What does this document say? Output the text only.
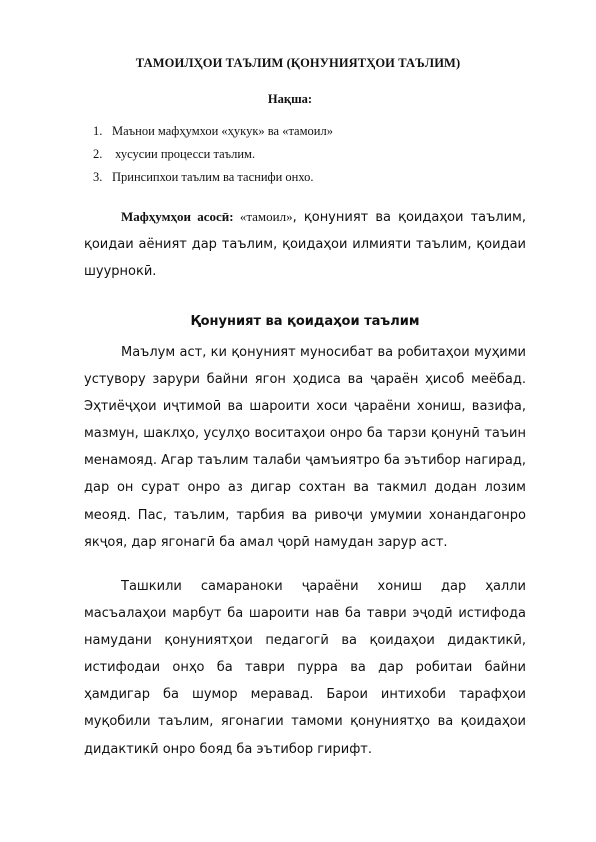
ТАМОИЛҲОИ ТАЪЛИМ (ҚОНУНИЯТҲОИ ТАЪЛИМ)
Нақша:
1. Маънои мафҳумхои «ҳукук» ва «тамоил»
2. хусусии процесси таълим.
3. Принсипхои таълим ва таснифи онхо.

Мафҳумҳои асосӣ: «тамоил», қонуният ва қоидаҳои таълим, қоидаи аёният дар таълим, қоидаҳои илмияти таълим, қоидаи шуурнокӣ.

Қонуният ва қоидаҳои таълим

Маълум аст, ки қонуният муносибат ва робитаҳои муҳими устувору зарури байни ягон ҳодиса ва ҷараён ҳисоб меёбад. Эҳтиёҷҳои иҷтимоӣ ва шароити хоси ҷараёни хониш, вазифа, мазмун, шаклҳо, усулҳо воситаҳои онро ба тарзи қонунӣ таъин менамояд. Агар таълим талаби ҷамъиятро ба эътибор нагирад, дар он сурат онро аз дигар сохтан ва такмил додан лозим меояд. Пас, таълим, тарбия ва ривоҷи умумии хонандагонро якҷоя, дар ягонагӣ ба амал ҷорӣ намудан зарур аст.

Ташкили самараноки ҷараёни хониш дар ҳалли масъалаҳои марбут ба шароити нав ба таври эҷодӣ истифода намудани қонуниятҳои педагогӣ ва қоидаҳои дидактикӣ, истифодаи онҳо ба таври пурра ва дар робитаи байни ҳамдигар ба шумор меравад. Барои интихоби тарафҳои муқобили таълим, ягонагии тамоми қонуниятҳо ва қоидаҳои дидактикӣ онро бояд ба эътибор гирифт.
